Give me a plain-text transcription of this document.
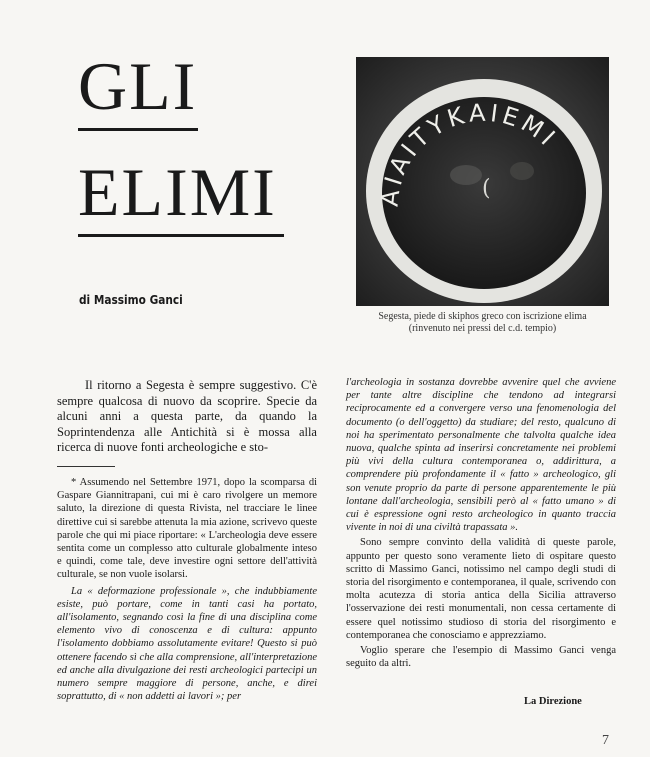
GLI
ELIMI
di Massimo Ganci
(
ΑΙΑΙΤΥΚΑΙΕΜΙ
Segesta, piede di skiphos greco con iscrizione elima
(rinvenuto nei pressi del c.d. tempio)

Il ritorno a Segesta è sempre suggestivo. C'è sempre qualcosa di nuovo da scoprire. Specie da alcuni anni a questa parte, da quando la Soprintendenza alle Antichità si è mossa alla ricerca di nuove fonti archeologiche e sto-

* Assumendo nel Settembre 1971, dopo la scomparsa di Gaspare Giannitrapani, cui mi è caro rivolgere un memore saluto, la direzione di questa Rivista, nel tracciare le linee direttive cui si sarebbe attenuta la mia azione, scrivevo queste parole che qui mi piace riportare: « L'archeologia deve essere sentita come un complesso atto culturale globalmente inteso e quindi, come tale, deve investire ogni settore dell'attività culturale, se non vuole isolarsi.

La « deformazione professionale », che indubbiamente esiste, può portare, come in tanti casi ha portato, all'isolamento, segnando così la fine di una disciplina come elemento vivo di conoscenza e di cultura: appunto l'isolamento dobbiamo assolutamente evitare! Questo si può ottenere facendo sì che alla comprensione, all'interpretazione ed anche alla divulgazione dei resti archeologici partecipi un numero sempre maggiore di persone, anche, e direi soprattutto, di « non addetti ai lavori »; per

l'archeologia in sostanza dovrebbe avvenire quel che avviene per tante altre discipline che tendono ad integrarsi reciprocamente ed a convergere verso una fenomenologia del documento (o dell'oggetto) da studiare; del resto, qualcuno di noi ha sperimentato personalmente che talvolta qualche idea nuova, qualche spinta ad inserirsi concretamente nei problemi più vivi della cultura contemporanea o, addirittura, a comprendere più profondamente il « fatto » archeologico, gli son venute proprio da parte di persone apparentemente le più lontane dall'archeologia, sensibili però al « fatto umano » di cui è espressione ogni resto archeologico in quanto traccia vivente in noi di una civiltà trapassata ».

Sono sempre convinto della validità di queste parole, appunto per questo sono veramente lieto di ospitare questo scritto di Massimo Ganci, notissimo nel campo degli studi di storia del risorgimento e contemporanea, il quale, scrivendo con molta acutezza di storia antica della Sicilia attraverso l'osservazione dei resti monumentali, non cessa certamente di essere quel notissimo studioso di storia del risorgimento e contemporanea che conosciamo e apprezziamo.

Voglio sperare che l'esempio di Massimo Ganci venga seguito da altri.

La Direzione
7
